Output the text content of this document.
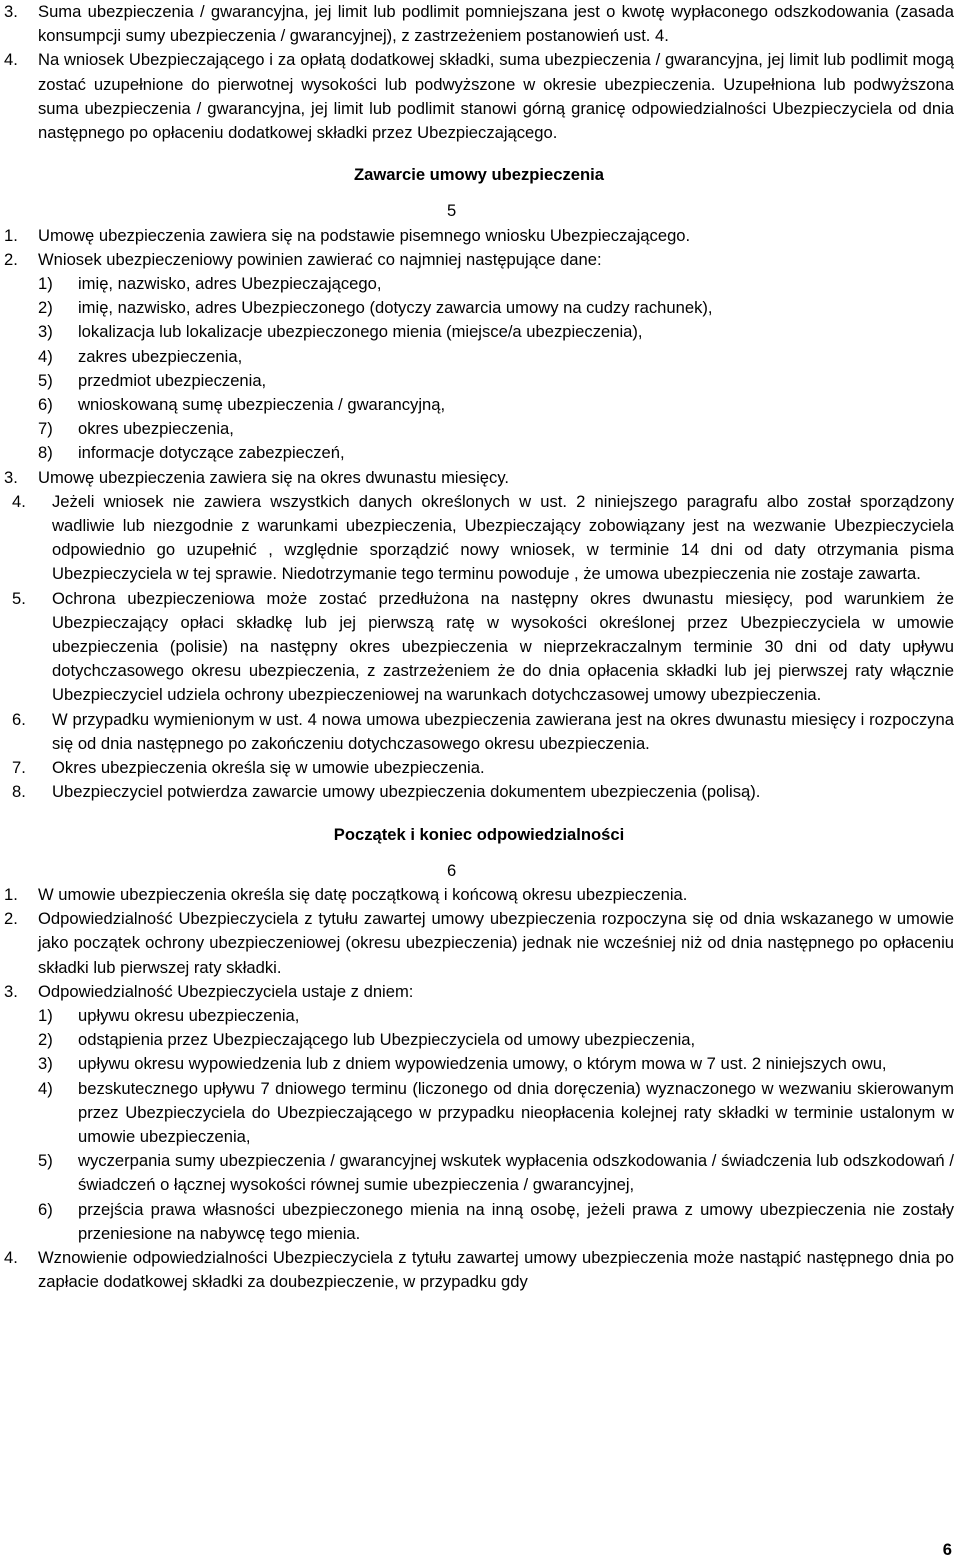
3. Suma ubezpieczenia / gwarancyjna, jej limit lub podlimit pomniejszana jest o kwotę wypłaconego odszkodowania (zasada konsumpcji sumy ubezpieczenia / gwarancyjnej), z zastrzeżeniem postanowień ust. 4.
4. Na wniosek Ubezpieczającego i za opłatą dodatkowej składki, suma ubezpieczenia / gwarancyjna, jej limit lub podlimit mogą zostać uzupełnione do pierwotnej wysokości lub podwyższone w okresie ubezpieczenia. Uzupełniona lub podwyższona suma ubezpieczenia / gwarancyjna, jej limit lub podlimit stanowi górną granicę odpowiedzialności Ubezpieczyciela od dnia następnego po opłaceniu dodatkowej składki przez Ubezpieczającego.
Zawarcie umowy ubezpieczenia
5
1. Umowę ubezpieczenia zawiera się na podstawie pisemnego wniosku Ubezpieczającego.
2. Wniosek ubezpieczeniowy powinien zawierać co najmniej następujące dane:
1) imię, nazwisko, adres Ubezpieczającego,
2) imię, nazwisko, adres Ubezpieczonego (dotyczy zawarcia umowy na cudzy rachunek),
3) lokalizacja lub lokalizacje ubezpieczonego mienia (miejsce/a ubezpieczenia),
4) zakres ubezpieczenia,
5) przedmiot ubezpieczenia,
6) wnioskowaną sumę ubezpieczenia / gwarancyjną,
7) okres ubezpieczenia,
8) informacje dotyczące zabezpieczeń,
3. Umowę ubezpieczenia zawiera się na okres dwunastu miesięcy.
4. Jeżeli wniosek nie zawiera wszystkich danych określonych w ust. 2 niniejszego paragrafu albo został sporządzony wadliwie lub niezgodnie z warunkami ubezpieczenia, Ubezpieczający zobowiązany jest na wezwanie Ubezpieczyciela odpowiednio go uzupełnić , względnie sporządzić nowy wniosek, w terminie 14 dni od daty otrzymania pisma Ubezpieczyciela w tej sprawie. Niedotrzymanie tego terminu powoduje , że umowa ubezpieczenia nie zostaje zawarta.
5. Ochrona ubezpieczeniowa może zostać przedłużona na następny okres dwunastu miesięcy, pod warunkiem że Ubezpieczający opłaci składkę lub jej pierwszą ratę w wysokości określonej przez Ubezpieczyciela w umowie ubezpieczenia (polisie) na następny okres ubezpieczenia w nieprzekraczalnym terminie 30 dni od daty upływu dotychczasowego okresu ubezpieczenia, z zastrzeżeniem że do dnia opłacenia składki lub jej pierwszej raty włącznie Ubezpieczyciel udziela ochrony ubezpieczeniowej na warunkach dotychczasowej umowy ubezpieczenia.
6. W przypadku wymienionym w ust. 4 nowa umowa ubezpieczenia zawierana jest na okres dwunastu miesięcy i rozpoczyna się od dnia następnego po zakończeniu dotychczasowego okresu ubezpieczenia.
7. Okres ubezpieczenia określa się w umowie ubezpieczenia.
8. Ubezpieczyciel potwierdza zawarcie umowy ubezpieczenia dokumentem ubezpieczenia (polisą).
Początek i koniec odpowiedzialności
6
1. W umowie ubezpieczenia określa się datę początkową i końcową okresu ubezpieczenia.
2. Odpowiedzialność Ubezpieczyciela z tytułu zawartej umowy ubezpieczenia rozpoczyna się od dnia wskazanego w umowie jako początek ochrony ubezpieczeniowej (okresu ubezpieczenia) jednak nie wcześniej niż od dnia następnego po opłaceniu składki lub pierwszej raty składki.
3. Odpowiedzialność Ubezpieczyciela ustaje z dniem:
1) upływu okresu ubezpieczenia,
2) odstąpienia przez Ubezpieczającego lub Ubezpieczyciela od umowy ubezpieczenia,
3) upływu okresu wypowiedzenia lub z dniem wypowiedzenia umowy, o którym mowa w 7 ust. 2 niniejszych owu,
4) bezskutecznego upływu 7 dniowego terminu (liczonego od dnia doręczenia) wyznaczonego w wezwaniu skierowanym przez Ubezpieczyciela do Ubezpieczającego w przypadku nieopłacenia kolejnej raty składki w terminie ustalonym w umowie ubezpieczenia,
5) wyczerpania sumy ubezpieczenia / gwarancyjnej wskutek wypłacenia odszkodowania / świadczenia lub odszkodowań / świadczeń o łącznej wysokości równej sumie ubezpieczenia / gwarancyjnej,
6) przejścia prawa własności ubezpieczonego mienia na inną osobę, jeżeli prawa z umowy ubezpieczenia nie zostały przeniesione na nabywcę tego mienia.
4. Wznowienie odpowiedzialności Ubezpieczyciela z tytułu zawartej umowy ubezpieczenia może nastąpić następnego dnia po zapłacie dodatkowej składki za doubezpieczenie, w przypadku gdy
6
